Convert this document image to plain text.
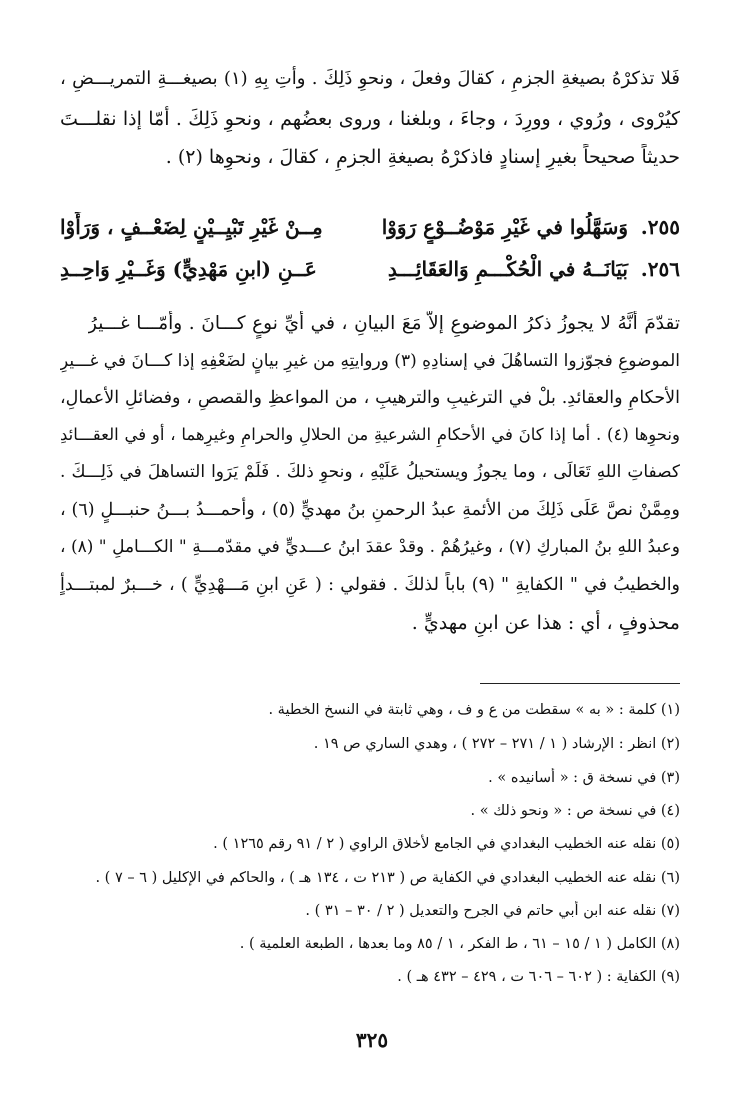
فَلا تذكرْهُ بصيغةِ الجزمِ ، كقالَ وفعلَ ، ونحوِ ذَلِكَ . وأتِ بِهِ (١) بصيغـــةِ التمريـــضِ ،
كيُرْوى ، ورُوي ، وورِدَ ، وجاءَ ، وبلغنا ، وروى بعضُهم ، ونحوِ ذَلِكَ . أمّا إذا نقلـــتَ
حديثاً صحيحاً بغيرِ إسنادٍ فاذكرْهُ بصيغةِ الجزمِ ، كقالَ ، ونحوِها (٢) .
٢٥٥.
وَسَهَّلُوا في غَيْرِ مَوْضُــوْعٍ رَوَوْا
مِــنْ غَيْرِ تَبْيِــيْنٍ لِضَعْــفٍ ، وَرَأَوْا
٢٥٦.
بَيَانَــهُ في الْحُكْـــمِ وَالعَقَائِـــدِ
عَــنِ (ابنِ مَهْدِيٍّ) وَغَــيْرِ وَاحِــدِ
تقدّمَ أنَّهُ لا يجوزُ ذكرُ الموضوعِ إلاّ مَعَ البيانِ ، في أيِّ نوعٍ كـــانَ . وأمّـــا غـــيرُ
الموضوعِ فجوّزوا التساهُلَ في إسنادِهِ (٣) وروايتِهِ من غيرِ بيانٍ لضَعْفِهِ إذا كـــانَ في غـــيرِ
الأحكامِ والعقائدِ. بلْ في الترغيبِ والترهيبِ ، من المواعظِ والقصصِ ، وفضائلِ الأعمالِ،
ونحوِها (٤) . أما إذا كانَ في الأحكامِ الشرعيةِ من الحلالِ والحرامِ وغيرِهما ، أو في العقـــائدِ
كصفاتِ اللهِ تَعَالَى ، وما يجوزُ ويستحيلُ عَلَيْهِ ، ونحوِ ذلكَ . فَلَمْ يَرَوا التساهلَ في ذَلِـــكَ .
ومِمَّنْ نصَّ عَلَى ذَلِكَ من الأئمةِ عبدُ الرحمنِ بنُ مهديٍّ (٥) ، وأحمـــدُ بـــنُ حنبـــلٍ (٦) ،
وعبدُ اللهِ بنُ المباركِ (٧) ، وغيرُهُمْ . وقدْ عقدَ ابنُ عـــديٍّ في مقدّمـــةِ " الكـــاملِ " (٨) ،
والخطيبُ في " الكفايةِ " (٩) باباً لذلكَ . فقولي : ( عَنِ ابنِ مَـــهْدِيٍّ ) ، خـــبرٌ لمبتـــدأٍ
محذوفٍ ، أي : هذا عن ابنِ مهديٍّ .
(١) كلمة : « به » سقطت من ع و ف ، وهي ثابتة في النسخ الخطية .
(٢) انظر : الإرشاد ( ١ / ٢٧١ – ٢٧٢ ) ، وهدي الساري ص ١٩ .
(٣) في نسخة ق : « أسانيده » .
(٤) في نسخة ص : « ونحو ذلك » .
(٥) نقله عنه الخطيب البغدادي في الجامع لأخلاق الراوي ( ٢ / ٩١ رقم ١٢٦٥ ) .
(٦) نقله عنه الخطيب البغدادي في الكفاية ص ( ٢١٣ ت ، ١٣٤ هـ ) ، والحاكم في الإكليل ( ٦ – ٧ ) .
(٧) نقله عنه ابن أبي حاتم في الجرح والتعديل ( ٢ / ٣٠ – ٣١ ) .
(٨) الكامل ( ١ / ١٥ – ٦١ ، ط الفكر ، ١ / ٨٥ وما بعدها ، الطبعة العلمية ) .
(٩) الكفاية : ( ٦٠٢ – ٦٠٦ ت ، ٤٢٩ – ٤٣٢ هـ ) .
٣٢٥
